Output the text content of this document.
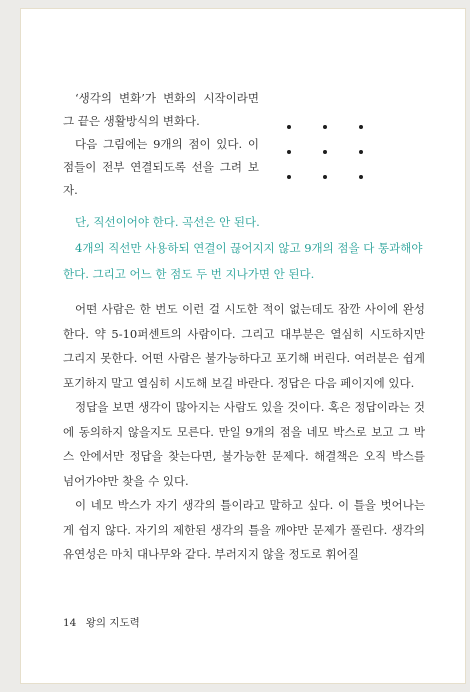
‘생각의 변화’가 변화의 시작이라면 그 끝은 생활방식의 변화다.

다음 그림에는 9개의 점이 있다. 이 점들이 전부 연결되도록 선을 그려 보자.

단, 직선이어야 한다. 곡선은 안 된다.

4개의 직선만 사용하되 연결이 끊어지지 않고 9개의 점을 다 통과해야 한다. 그리고 어느 한 점도 두 번 지나가면 안 된다.

어떤 사람은 한 번도 이런 걸 시도한 적이 없는데도 잠깐 사이에 완성한다. 약 5-10퍼센트의 사람이다. 그리고 대부분은 열심히 시도하지만 그리지 못한다. 어떤 사람은 불가능하다고 포기해 버린다. 여러분은 쉽게 포기하지 말고 열심히 시도해 보길 바란다. 정답은 다음 페이지에 있다.

정답을 보면 생각이 많아지는 사람도 있을 것이다. 혹은 정답이라는 것에 동의하지 않을지도 모른다. 만일 9개의 점을 네모 박스로 보고 그 박스 안에서만 정답을 찾는다면, 불가능한 문제다. 해결책은 오직 박스를 넘어가야만 찾을 수 있다.

이 네모 박스가 자기 생각의 틀이라고 말하고 싶다. 이 틀을 벗어나는 게 쉽지 않다. 자기의 제한된 생각의 틀을 깨야만 문제가 풀린다. 생각의 유연성은 마치 대나무와 같다. 부러지지 않을 정도로 휘어질

14 왕의 지도력
